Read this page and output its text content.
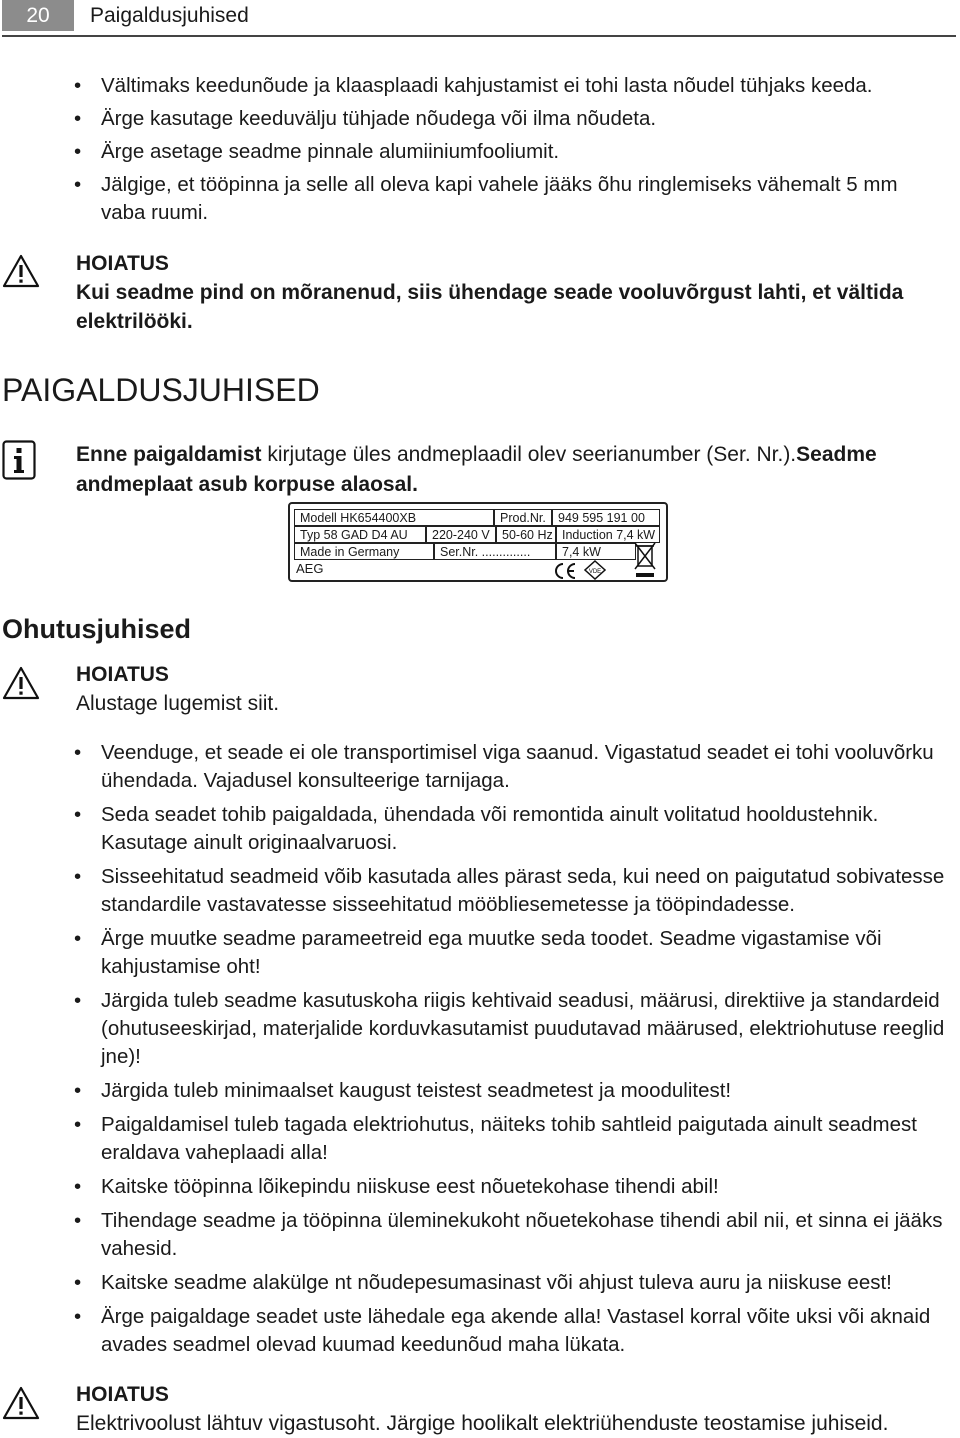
20	Paigaldusjuhised
• Vältimaks keedunõude ja klaasplaadi kahjustamist ei tohi lasta nõudel tühjaks keeda.
• Ärge kasutage keeduvälju tühjade nõudega või ilma nõudeta.
• Ärge asetage seadme pinnale alumiiniumfooliumit.
• Jälgige, et tööpinna ja selle all oleva kapi vahele jääks õhu ringlemiseks vähemalt 5 mm vaba ruumi.
HOIATUS
Kui seadme pind on mõranenud, siis ühendage seade vooluvõrgust lahti, et vältida elektrilööki.
PAIGALDUSJUHISED
Enne paigaldamist kirjutage üles andmeplaadil olev seerianumber (Ser. Nr.).Seadme andmeplaat asub korpuse alaosal.
Modell HK654400XB	Prod.Nr. 949 595 191 00
Typ 58 GAD D4 AU	220-240 V 50-60 Hz Induction 7,4 kW
Made in Germany	Ser.Nr. ..............	7,4 kW
AEG	VDE
Ohutusjuhised
HOIATUS
Alustage lugemist siit.
• Veenduge, et seade ei ole transportimisel viga saanud. Vigastatud seadet ei tohi vooluvõrku ühendada. Vajadusel konsulteerige tarnijaga.
• Seda seadet tohib paigaldada, ühendada või remontida ainult volitatud hooldustehnik. Kasutage ainult originaalvaruosi.
• Sisseehitatud seadmeid võib kasutada alles pärast seda, kui need on paigutatud sobivatesse standardile vastavatesse sisseehitatud mööbliesemetesse ja tööpindadesse.
• Ärge muutke seadme parameetreid ega muutke seda toodet. Seadme vigastamise või kahjustamise oht!
• Järgida tuleb seadme kasutuskoha riigis kehtivaid seadusi, määrusi, direktiive ja standardeid (ohutuseeskirjad, materjalide korduvkasutamist puudutavad määrused, elektriohutuse reeglid jne)!
• Järgida tuleb minimaalset kaugust teistest seadmetest ja moodulitest!
• Paigaldamisel tuleb tagada elektriohutus, näiteks tohib sahtleid paigutada ainult seadmest eraldava vaheplaadi alla!
• Kaitske tööpinna lõikepindu niiskuse eest nõuetekohase tihendi abil!
• Tihendage seadme ja tööpinna üleminekukoht nõuetekohase tihendi abil nii, et sinna ei jääks vahesid.
• Kaitske seadme alakülge nt nõudepesumasinast või ahjust tuleva auru ja niiskuse eest!
• Ärge paigaldage seadet uste lähedale ega akende alla! Vastasel korral võite uksi või aknaid avades seadmel olevad kuumad keedunõud maha lükata.
HOIATUS
Elektrivoolust lähtuv vigastusoht. Järgige hoolikalt elektriühenduste teostamise juhiseid.
